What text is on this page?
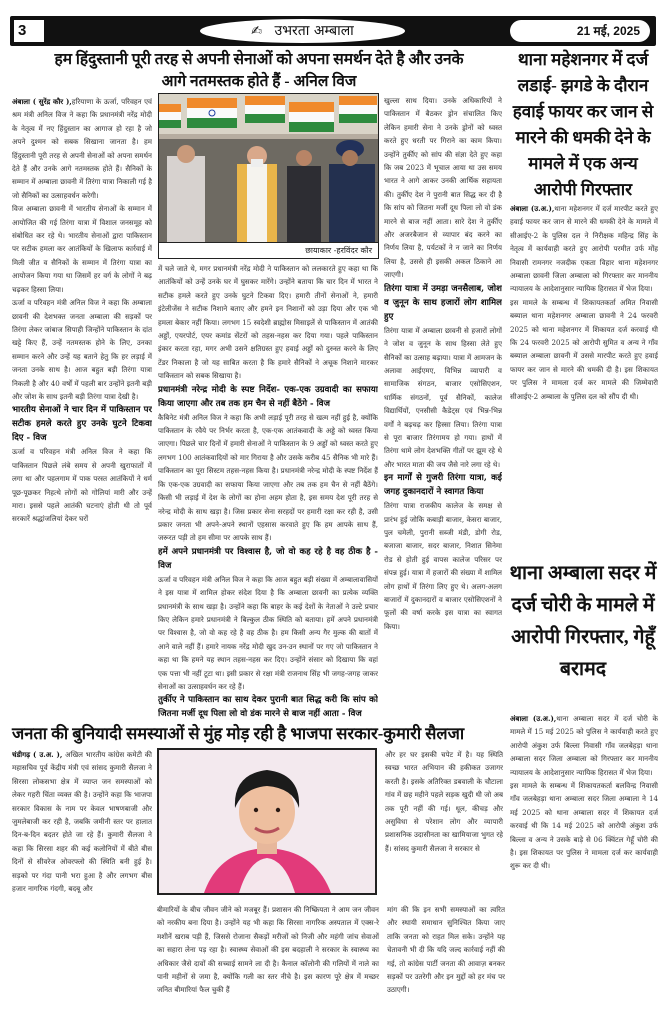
3	✍ उभरता अम्बाला	21 मई, 2025
हम हिंदुस्तानी पूरी तरह से अपनी सेनाओं को अपना समर्थन देते है और उनके
आगे नतमस्तक होते हैं - अनिल विज
छायाकार -हरविंदर कौर

अंबाला ( सुरेंद्र कौर ),हरियाणा के ऊर्जा, परिवहन एवं श्रम मंत्री अनिल विज ने कहा कि प्रधानमंत्री नरेंद्र मोदी के नेतृत्व में नए हिंदुस्तान का आगाज हो रहा है जो अपने दुश्मन को सबक सिखाना जानता है। हम हिंदुस्तानी पूरी तरह से अपनी सेनाओं को अपना समर्थन देते हैं और उनके आगे नतमस्तक होते हैं। सैनिकों के सम्मान में अम्बाला छावनी में तिरंगा यात्रा निकाली गई है जो सैनिकों का उत्साहवर्धन करेगी।

विज अम्बाला छावनी में भारतीय सेनाओं के सम्मान में आयोजित की गई तिरंगा यात्रा में विशाल जनसमूह को संबोधित कर रहे थे। भारतीय सेनाओं द्वारा पाकिस्तान पर सटीक हमला कर आतंकियों के खिलाफ कार्रवाई में मिली जीत व सैनिकों के सम्मान में तिरंगा यात्रा का आयोजन किया गया था जिसमें हर वर्ग के लोगों ने बढ़ चढ़कर हिस्सा लिया।

ऊर्जा व परिवहन मंत्री अनिल विज ने कहा कि अम्बाला छावनी की देशभक्त जनता अम्बाला की सड़कों पर तिरंगा लेकर जांबाज सिपाही जिन्होंने पाकिस्तान के दांत खट्टे किए हैं, उन्हें नतमस्तक होने के लिए, उनका सम्मान करने और उन्हें यह बताने हेतु कि हर लड़ाई में जनता उनके साथ है। आज बहुत बड़ी तिरंगा यात्रा निकली है और 40 वर्षों में पहली बार उन्होंने इतनी बड़ी और जोश के साथ इतनी बड़ी तिरंगा यात्रा देखी है।

भारतीय सेनाओं ने चार दिन में पाकिस्तान पर सटीक हमले करते हुए उनके घुटने टिकवा दिए - विज

ऊर्जा व परिवहन मंत्री अनिल विज ने कहा कि पाकिस्तान पिछले लंबे समय से अपनी खुराफातों में लगा था और पहलगाम में पाक परस्त आतंकियों ने धर्म पूछ-पूछकर निहत्थे लोगों को गोलियां मारी और उन्हें मारा। इससे पहले आतंकी घटनाएं होती थी तो पूर्व सरकारें श्रद्धांजलियां देकर घरों

में चले जाते थे, मगर प्रधानमंत्री नरेंद्र मोदी ने पाकिस्तान को ललकारते हुए कहा था कि आतंकियों को उन्हें उनके घर में घुसकर मारेंगे। उन्होंने बताया कि चार दिन में भारत ने सटीक हमले करते हुए उनके घुटने टिकवा दिए। हमारी तीनों सेनाओं ने, हमारी इंटेलीजेंस ने सटीक निशाने बताए और हमने इन निशानों को उड़ा दिया और एक भी हमला बेकार नहीं किया। लगभग 15 स्वदेशी ब्राह्मोस मिसाइलें से पाकिस्तान में आतंकी अड्डों, एयरपोर्ट, एयर कमांड सेंटरों को तहस-नहस कर दिया गया। पहले पाकिस्तान इंकार करता रहा, मगर अभी उसने क्षतिग्रस्त हुए हवाई अड्डों को दुरुस्त करने के लिए टेंडर निकाला है जो यह साबित करता है कि हमारे सैनिकों ने अचूक निशाने मारकर पाकिस्तान को सबक सिखाया है।

प्रधानमंत्री नरेन्द्र मोदी के स्पष्ट निर्देश- एक-एक उग्रवादी का सफाया किया जाएगा और तब तक हम चैन से नहीं बैठेंगे - विज

कैबिनेट मंत्री अनिल विज ने कहा कि अभी लड़ाई पूरी तरह से खत्म नहीं हुई है, क्योंकि पाकिस्तान के रवैये पर निर्भर करता है, एक-एक आतंकवादी के अड्डे को ध्वस्त किया जाएगा। पिछले चार दिनों में हमारी सेनाओं ने पाकिस्तान के 9 अड्डों को ध्वस्त करते हुए लगभग 100 आतंकवादियों को मार गिराया है और उसके करीब 45 सैनिक भी मारे हैं। पाकिस्तान का पूरा सिस्टम तहस-नहस किया है। प्रधानमंत्री नरेन्द्र मोदी के स्पष्ट निर्देश हैं कि एक-एक उग्रवादी का सफाया किया जाएगा और तब तक हम चैन से नहीं बैठेंगे। किसी भी लड़ाई में देश के लोगों का होना अहम होता है, इस समय देश पूरी तरह से नरेन्द्र मोदी के साथ खड़ा है। जिस प्रकार सेना सरहदों पर हमारी रक्षा कर रही है, उसी प्रकार जनता भी अपने-अपने स्थानों एहसास करवाते हुए कि हम आपके साथ हैं, जरूरत पड़ी तो हम सीमा पर आपके साथ हैं।

हमें अपने प्रधानमंत्री पर विश्वास है, जो वो कह रहे है वह ठीक है - विज

ऊर्जा व परिवहन मंत्री अनिल विज ने कहा कि आज बहुत बड़ी संख्या में अम्बालावासियों ने इस यात्रा में शामिल होकर संदेश दिया है कि अम्बाला छावनी का प्रत्येक व्यक्ति प्रधानमंत्री के साथ खड़ा है। उन्होंने कहा कि बाहर के कई देशों के नेताओं ने उल्टे प्रचार किए लेकिन हमारे प्रधानमंत्री ने बिल्कुल ठीक स्थिति को बताया। हमें अपने प्रधानमंत्री पर विश्वास है, जो वो कह रहे है वह ठीक है। हम किसी अन्य गैर मुल्क की बातों में आने वाले नहीं हैं। हमारे नायक नरेंद्र मोदी खुद उन-उन स्थानों पर गए जो पाकिस्तान ने कहा था कि हमने यह स्थान तहस-नहस कर दिए। उन्होंने संसार को दिखाया कि वहां एक पत्ता भी नहीं टूटा था। इसी प्रकार से रक्षा मंत्री राजनाथ सिंह भी जगह-जगह जाकर सेनाओं का उत्साहवर्धन कर रहे हैं।

तुर्कीए ने पाकिस्तान का साथ देकर पुरानी बात सिद्ध करी कि सांप को जितना मर्जी दूध पिला लो वो डंक मारने से बाज नहीं आता - विज

खुल्ला साथ दिया। उनके अधिकारियों ने पाकिस्तान में बैठकर ड्रोन संचालित किए लेकिन हमारी सेना ने उनके ड्रोनों को ध्वस्त करते हुए धरती पर गिराने का काम किया। उन्होंने तुर्कीए को सांप की संज्ञा देते हुए कहा कि जब 2023 में भूचाल आया था उस समय भारत ने आगे आकर उनकी आर्थिक सहायता की। तुर्कीए देश ने पुरानी बात सिद्ध कर दी है कि सांप को जितना मर्जी दूध पिला लो वो डंक मारने से बाज नहीं आता। सारे देश ने तुर्कीए और अजरबैजान से व्यापार बंद करने का निर्णय लिया है, पर्यटकों ने न जाने का निर्णय लिया है, उससे ही इसकी अकल ठिकाने आ जाएगी।

तिरंगा यात्रा में उमड़ा जनसैलाब, जोश व जुनून के साथ हजारों लोग शामिल हुए

तिरंगा यात्रा में अम्बाला छावनी से हजारों लोगों ने जोश व जुनून के साथ हिस्सा लेते हुए सैनिकों का उत्साह बढ़ाया। यात्रा में आमजन के अलावा आईएमए, विभिन्न व्यापारी व सामाजिक संगठन, बाजार एसोसिएशन, धार्मिक संगठनों, पूर्व सैनिकों, कालेज विद्यार्थियों, एनसीसी कैडेट्स एवं भिन्न-भिन्न वर्गों ने बढ़चढ़ कर हिस्सा लिया। तिरंगा यात्रा से पूरा बाजार तिरंगामय हो गया। हाथों में तिरंगा थामे लोग देशभक्ति गीतों पर झूम रहे थे और भारत माता की जय जैसे नारे लगा रहे थे।

इन मार्गों से गुजरी तिरंगा यात्रा, कई जगह दुकानदारों ने स्वागत किया

तिरंगा यात्रा राजकीय कालेज के समक्ष से प्रारंभ हुई जोकि कबाड़ी बाजार, केसरा बाजार, पुल चमेली, पुरानी सब्जी मंडी, डोगी रोड, बजाजा बाजार, सदर बाजार, निशात सिनेमा रोड से होती हुई वापस कालेज परिसर पर संपन्न हुई। यात्रा में हजारों की संख्या में शामिल लोग हाथों में तिरंगा लिए हुए थे। अलग-अलग बाजारों में दुकानदारों व बाजार एसोसिएशनों ने फूलों की वर्षा करके इस यात्रा का स्वागत किया।

थाना महेशनगर में दर्ज लडाई- झगडे के दौरान हवाई फायर कर जान से मारने की धमकी देने के मामले में एक अन्य आरोपी गिरफ्तार

अंबाला (उ.अ.),थाना महेशनगर में दर्ज मारपीट करते हुए हवाई फायर कर जान से मारने की धमकी देने के मामले में सीआईए-2 के पुलिस दल ने निरीक्षक महिन्द्र सिंह के नेतृत्व में कार्यवाही करते हुए आरोपी परमीत उर्फ मोंह निवासी रामनगर नजदीक एकता विहार थाना महेशनगर अम्बाला छावनी जिला अम्बाला को गिरफ्तार कर माननीय न्यायालय के आदेशानुसार न्यायिक हिरासत में भेज दिया।

इस मामले के सम्बन्ध में शिकायतकर्ता अमित निवासी बब्याल थाना महेशनगर अम्बाला छावनी ने 24 फरवरी 2025 को थाना महेशनगर में शिकायत दर्ज करवाई थी कि 24 फरवरी 2025 को आरोपी सुमित व अन्य ने गाँव बब्याल अम्बाला छावनी में उससे मारपीट करते हुए हवाई फायर कर जान से मारने की धमकी दी है। इस शिकायत पर पुलिस ने मामला दर्ज कर मामले की जिम्मेवारी सीआईए-2 अम्बाला के पुलिस दल को सौंप दी थी।

थाना अम्बाला सदर में दर्ज चोरी के मामले में आरोपी गिरफ्तार, गेहूँ बरामद

अंबाला (उ.अ.),थाना अम्बाला सदर में दर्ज चोरी के मामले में 15 मई 2025 को पुलिस ने कार्यवाही करते हुए आरोपी अंकुश उर्फ बिल्ला निवासी गाँव जलबेहड़ा थाना अम्बाला सदर जिला अम्बाला को गिरफ्तार कर माननीय न्यायालय के आदेशानुसार न्यायिक हिरासत में भेज दिया।

इस मामले के सम्बन्ध में शिकायतकर्ता बलविन्द्र निवासी गाँव जलबेहड़ा थाना अम्बाला सदर जिला अम्बाला ने 14 मई 2025 को थाना अम्बाला सदर में शिकायत दर्ज करवाई थी कि 14 मई 2025 को आरोपी अंकुश उर्फ बिल्ला व अन्य ने उसके बाड़े से 06 क्विंटल गेहूँ चोरी की है। इस शिकायत पर पुलिस ने मामला दर्ज कर कार्यवाही शुरू कर दी थी।

जनता की बुनियादी समस्याओं से मुंह मोड़ रही है भाजपा सरकार-कुमारी सैलजा

चंडीगढ़ ( उ.अ. ), अखिल भारतीय कांग्रेस कमेटी की महासचिव पूर्व केंद्रीय मंत्री एवं सांसद कुमारी सैलजा ने सिरसा लोकसभा क्षेत्र में व्याप्त जन समस्याओं को लेकर गहरी चिंता व्यक्त की है। उन्होंने कहा कि भाजपा सरकार विकास के नाम पर केवल भाषणबाजी और जुमलेबाजी कर रही है, जबकि जमीनी स्तर पर हालात दिन-ब-दिन बदतर होते जा रहे हैं। कुमारी सैलजा ने कहा कि सिरसा शहर की कई कलोनियों में बीते बीस दिनों से सीवरेज ओवरफ्लो की स्थिति बनी हुई है। सड़को पर गंदा पानी भरा हुआ है और लगभग बीस हजार नागरिक गंदगी, बदबू और

और हर घर इसकी चपेट में है। यह स्थिति स्वच्छ भारत अभियान की हकीकत उजागर करती है। इसके अतिरिक्त डबवाली के चौटाला गांव में छह महीने पहले सड़क खुदी थी जो अब तक पूरी नहीं की गई। धूल, कीचड़ और असुविधा से परेशान लोग और व्यापारी प्रशासनिक उदासीनता का खामियाजा भुगत रहे हैं। सांसद कुमारी सैलजा ने सरकार से

बीमारियों के बीच जीवन जीने को मजबूर हैं। प्रशासन की निष्क्रियता ने आम जन जीवन को नरकीय बना दिया है। उन्होंने यह भी कहा कि सिरसा नागरिक अस्पताल में एक्स-रे मशीनें खराब पड़ी हैं, जिससे रोजाना सैकड़ों मरीजों को निजी और महंगी जांच सेवाओं का सहारा लेना पड़ रहा है। स्वास्थ्य सेवाओं की इस बदहाली ने सरकार के स्वास्थ्य का अधिकार जैसे दावों की सच्चाई सामने ला दी है। कैनाल कॉलोनी की गलियों में नाले का पानी महीनों से जमा है, क्योंकि गली का स्तर नीचे है। इस कारण पूरे क्षेत्र में मच्छर जनित बीमारियां फैल चुकी हैं

मांग की कि इन सभी समस्याओं का त्वरित और स्थायी समाधान सुनिश्चित किया जाए ताकि जनता को राहत मिल सके। उन्होंने यह चेतावनी भी दी कि यदि जल्द कार्रवाई नहीं की गई, तो कांग्रेस पार्टी जनता की आवाज़ बनकर सड़कों पर उतरेगी और इन मुद्दों को हर मंच पर उठाएगी।
